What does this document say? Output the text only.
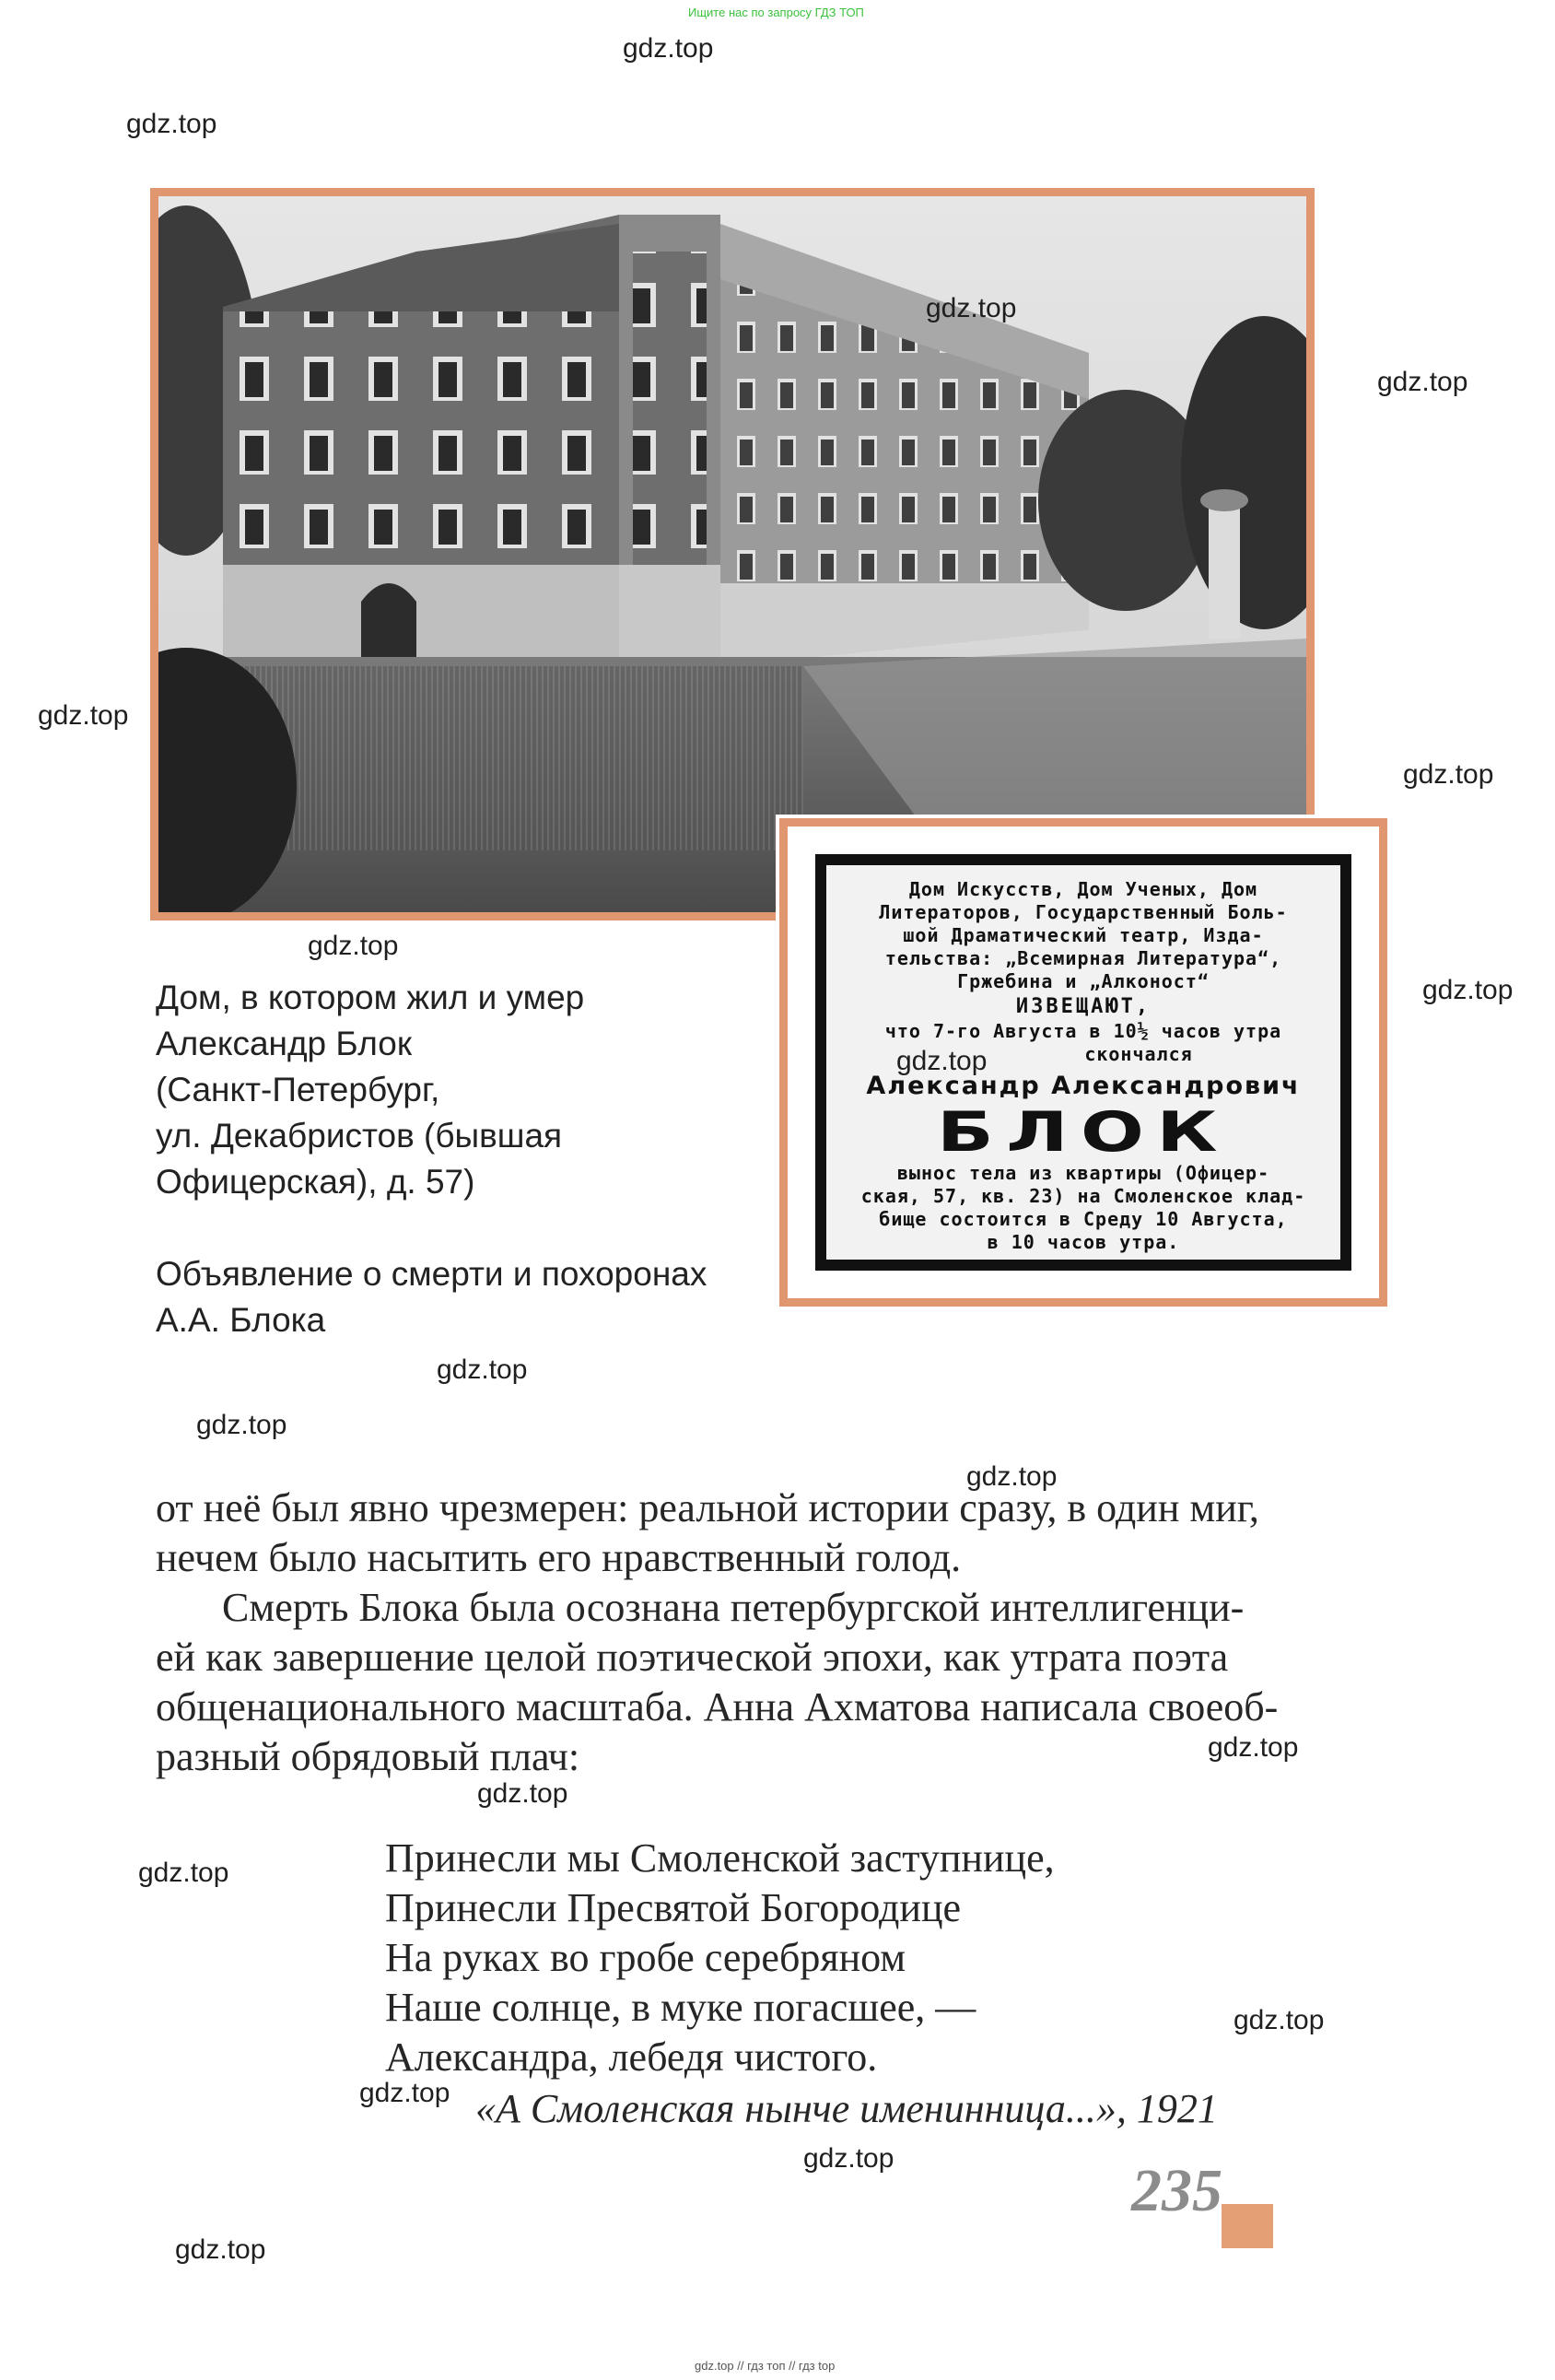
Ищите нас по запросу ГДЗ ТОП
Дом Искусств, Дом Ученых, Дом
Литераторов, Государственный Боль-
шой Драматический театр, Изда-
тельства: „Всемирная Литература“,
Гржебина и „Алконост“
ИЗВЕЩАЮТ,
что 7-го Августа в 10½ часов утра
скончался
Александр Александрович
БЛОК
вынос тела из квартиры (Офицер-
ская, 57, кв. 23) на Смоленское клад-
бище состоится в Среду 10 Августа,
в 10 часов утра.
Дом, в котором жил и умер
Александр Блок
(Санкт-Петербург,
ул. Декабристов (бывшая
Офицерская), д. 57)
Объявление о смерти и похоронах
А.А. Блока
от неё был явно чрезмерен: реальной истории сразу, в один миг,
нечем было насытить его нравственный голод.
Смерть Блока была осознана петербургской интеллигенци-
ей как завершение целой поэтической эпохи, как утрата поэта
общенационального масштаба. Анна Ахматова написала своеоб-
разный обрядовый плач:
Принесли мы Смоленской заступнице,
Принесли Пресвятой Богородице
На руках во гробе серебряном
Наше солнце, в муке погасшее, —
Александра, лебедя чистого.
«А Смоленская нынче именинница...», 1921
235
gdz.top
gdz.top
gdz.top
gdz.top
gdz.top
gdz.top
gdz.top
gdz.top
gdz.top
gdz.top
gdz.top
gdz.top
gdz.top
gdz.top
gdz.top
gdz.top
gdz.top
gdz.top
gdz.top
gdz.top // гдз топ // гдз top
